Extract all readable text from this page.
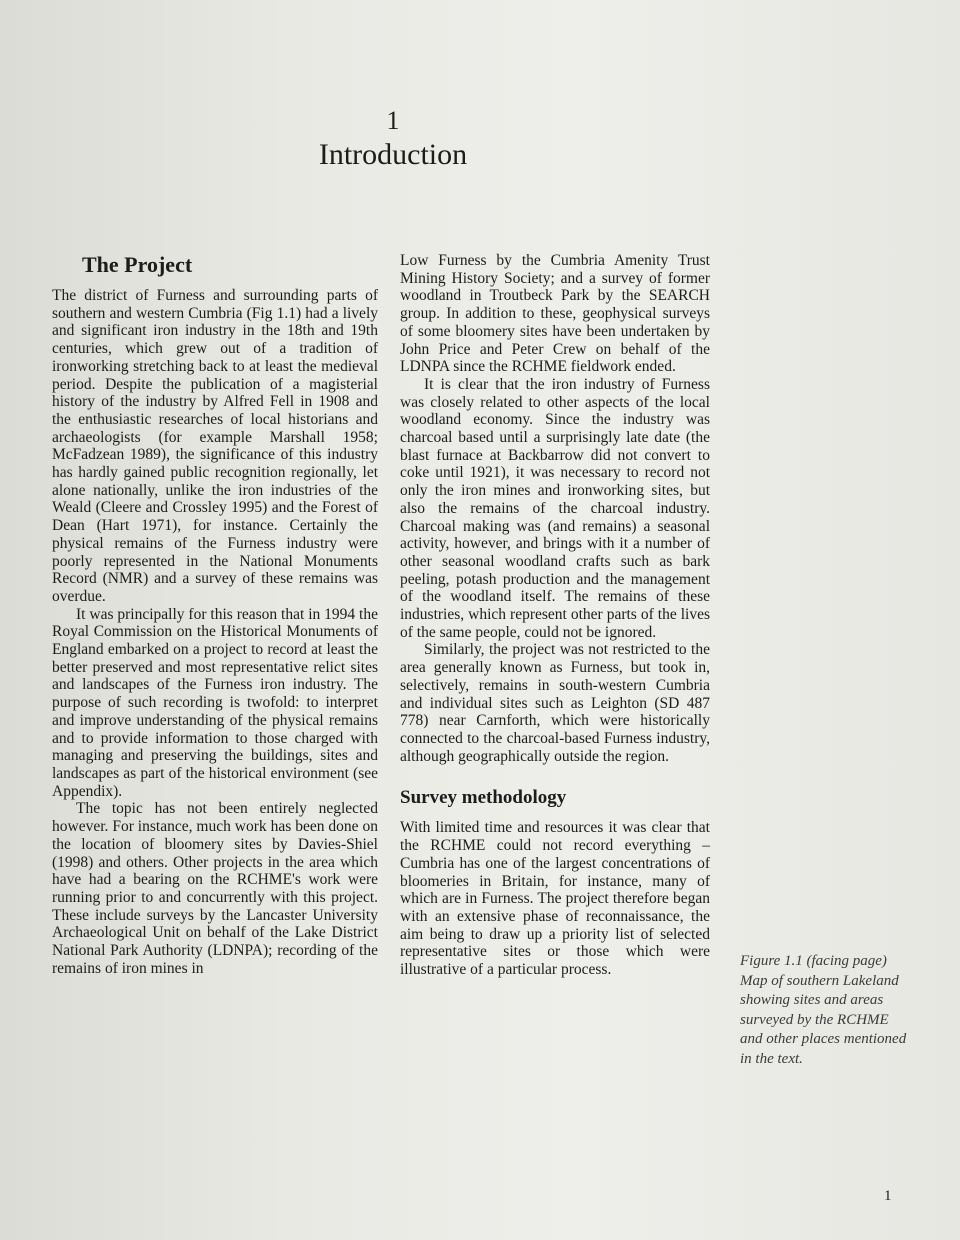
1
Introduction
The Project

The district of Furness and surrounding parts of southern and western Cumbria (Fig 1.1) had a lively and significant iron industry in the 18th and 19th centuries, which grew out of a tradition of ironworking stretching back to at least the medieval period. Despite the publication of a magisterial history of the industry by Alfred Fell in 1908 and the enthusiastic researches of local historians and archaeologists (for example Marshall 1958; McFadzean 1989), the significance of this industry has hardly gained public recognition regionally, let alone nationally, unlike the iron industries of the Weald (Cleere and Crossley 1995) and the Forest of Dean (Hart 1971), for instance. Certainly the physical remains of the Furness industry were poorly represented in the National Monuments Record (NMR) and a survey of these remains was overdue.

It was principally for this reason that in 1994 the Royal Commission on the Historical Monuments of England embarked on a project to record at least the better preserved and most representative relict sites and landscapes of the Furness iron industry. The purpose of such recording is twofold: to interpret and improve understanding of the physical remains and to provide information to those charged with managing and preserving the buildings, sites and landscapes as part of the historical environment (see Appendix).

The topic has not been entirely neglected however. For instance, much work has been done on the location of bloomery sites by Davies-Shiel (1998) and others. Other projects in the area which have had a bearing on the RCHME's work were running prior to and concurrently with this project. These include surveys by the Lancaster University Archaeological Unit on behalf of the Lake District National Park Authority (LDNPA); recording of the remains of iron mines in

Low Furness by the Cumbria Amenity Trust Mining History Society; and a survey of former woodland in Troutbeck Park by the SEARCH group. In addition to these, geophysical surveys of some bloomery sites have been undertaken by John Price and Peter Crew on behalf of the LDNPA since the RCHME fieldwork ended.

It is clear that the iron industry of Furness was closely related to other aspects of the local woodland economy. Since the industry was charcoal based until a surprisingly late date (the blast furnace at Backbarrow did not convert to coke until 1921), it was necessary to record not only the iron mines and ironworking sites, but also the remains of the charcoal industry. Charcoal making was (and remains) a seasonal activity, however, and brings with it a number of other seasonal woodland crafts such as bark peeling, potash production and the management of the woodland itself. The remains of these industries, which represent other parts of the lives of the same people, could not be ignored.

Similarly, the project was not restricted to the area generally known as Furness, but took in, selectively, remains in south-western Cumbria and individual sites such as Leighton (SD 487 778) near Carnforth, which were historically connected to the charcoal-based Furness industry, although geographically outside the region.

Survey methodology

With limited time and resources it was clear that the RCHME could not record everything – Cumbria has one of the largest concentrations of bloomeries in Britain, for instance, many of which are in Furness. The project therefore began with an extensive phase of reconnaissance, the aim being to draw up a priority list of selected representative sites or those which were illustrative of a particular process.

Figure 1.1 (facing page) Map of southern Lakeland showing sites and areas surveyed by the RCHME and other places mentioned in the text.
1
